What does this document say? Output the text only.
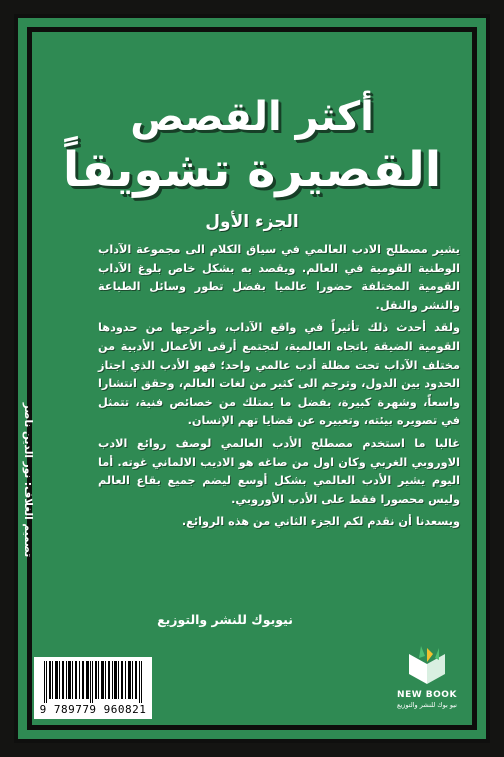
أكثر القصص
القصيرة تشويقاً
الجزء الأول

يشير مصطلح الادب العالمي في سياق الكلام الى مجموعة الآداب الوطنية القومية في العالم. ويقصد به بشكل خاص بلوغ الآداب القومية المختلفة حضورا عالميا بفضل تطور وسائل الطباعة والنشر والنقل.

ولقد أحدث ذلك تأثيراً في واقع الآداب، وأخرجها من حدودها القومية الضيقة باتجاه العالمية، لتجتمع أرقى الأعمال الأدبية من مختلف الآداب تحت مظلة أدب عالمي واحد؛ فهو الأدب الذي اجتاز الحدود بين الدول، وترجم الى كثير من لغات العالم، وحقق انتشارا واسعاً، وشهرة كبيرة، بفضل ما يمتلك من خصائص فنية، تتمثل في تصويره بيئته، وتعبيره عن قضايا تهم الإنسان.

غالبا ما استخدم مصطلح الأدب العالمي لوصف روائع الادب الاوروبي الغربي وكان اول من صاغه هو الاديب الالماني غوته. أما اليوم يشير الأدب العالمي بشكل أوسع ليضم جميع بقاع العالم وليس محصورا فقط على الأدب الأوروبي.

ويسعدنا أن نقدم لكم الجزء الثاني من هذه الروائع.

تصميم الغلاف: نور الدين ناصر
نيوبوك للنشر والتوزيع
9 789779 960821
NEW BOOK
نيو بوك للنشر والتوزيع
